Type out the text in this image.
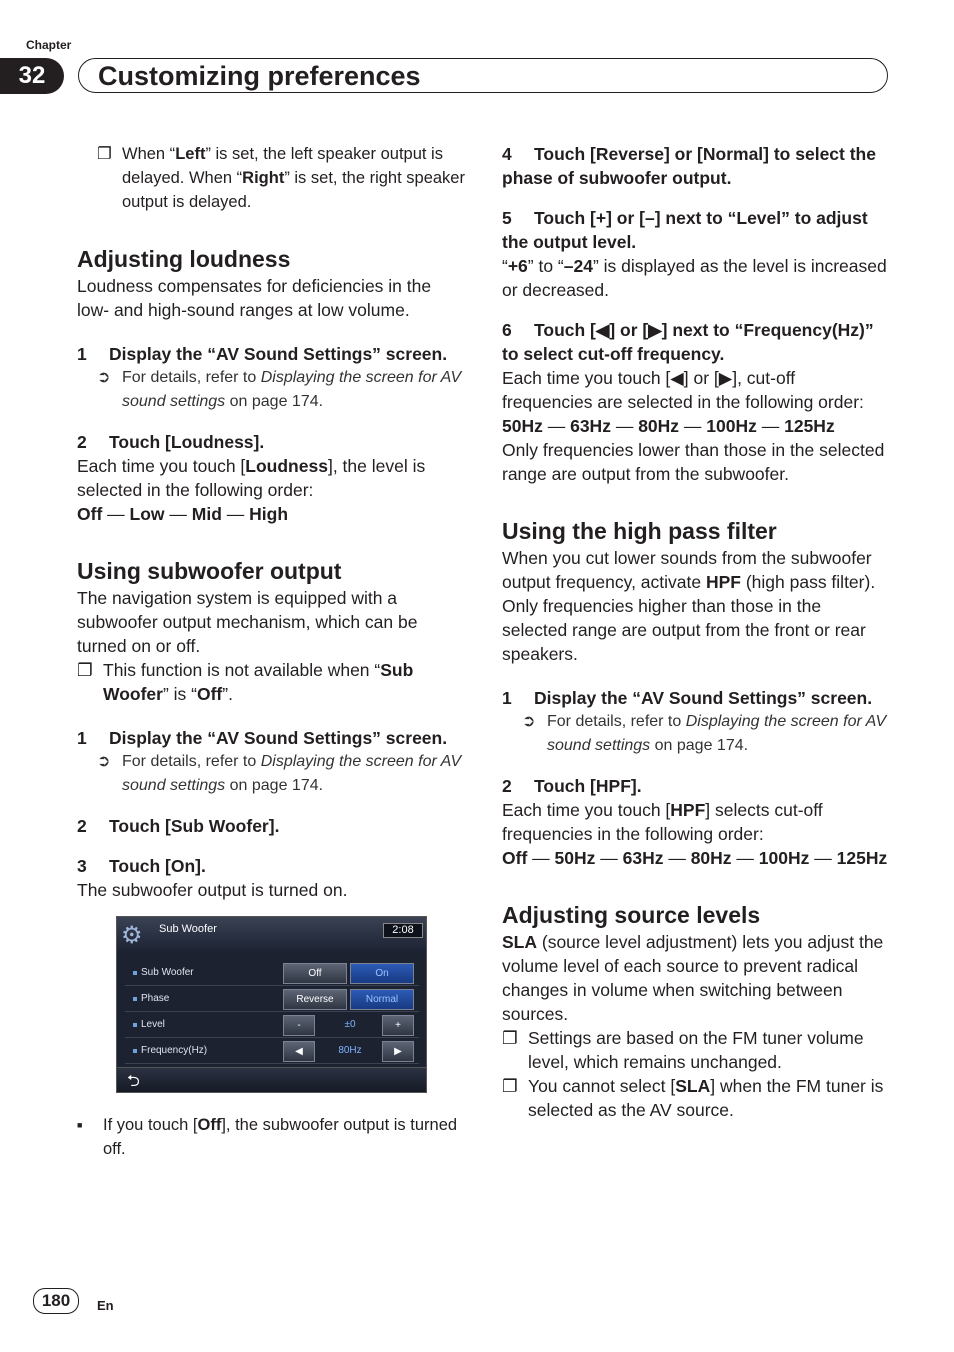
Chapter
32	Customizing preferences

❐ When “Left” is set, the left speaker output is delayed. When “Right” is set, the right speaker output is delayed.

Adjusting loudness

Loudness compensates for deficiencies in the low- and high-sound ranges at low volume.

1 Display the “AV Sound Settings” screen.

➲ For details, refer to Displaying the screen for AV sound settings on page 174.

2 Touch [Loudness].

Each time you touch [Loudness], the level is selected in the following order:

Off — Low — Mid — High

Using subwoofer output

The navigation system is equipped with a subwoofer output mechanism, which can be turned on or off.

❐ This function is not available when “Sub Woofer” is “Off”.

1 Display the “AV Sound Settings” screen.

➲ For details, refer to Displaying the screen for AV sound settings on page 174.

2 Touch [Sub Woofer].
3 Touch [On].

The subwoofer output is turned on.

⚙	Sub Woofer	2:08
Sub Woofer	Off	On
Phase	Reverse	Normal
Level	-	±0	+
Frequency(Hz)	◀	80Hz	▶
⮌

■ If you touch [Off], the subwoofer output is turned off.

4 Touch [Reverse] or [Normal] to select the phase of subwoofer output.
5 Touch [+] or [–] next to “Level” to adjust the output level.

“+6” to “–24” is displayed as the level is increased or decreased.

6 Touch [◀] or [▶] next to “Frequency(Hz)” to select cut-off frequency.

Each time you touch [◀] or [▶], cut-off frequencies are selected in the following order:

50Hz — 63Hz — 80Hz — 100Hz — 125Hz

Only frequencies lower than those in the selected range are output from the subwoofer.

Using the high pass filter

When you cut lower sounds from the subwoofer output frequency, activate HPF (high pass filter). Only frequencies higher than those in the selected range are output from the front or rear speakers.

1 Display the “AV Sound Settings” screen.

➲ For details, refer to Displaying the screen for AV sound settings on page 174.

2 Touch [HPF].

Each time you touch [HPF] selects cut-off frequencies in the following order:

Off — 50Hz — 63Hz — 80Hz — 100Hz — 125Hz

Adjusting source levels

SLA (source level adjustment) lets you adjust the volume level of each source to prevent radical changes in volume when switching between sources.

❐ Settings are based on the FM tuner volume level, which remains unchanged.

❐ You cannot select [SLA] when the FM tuner is selected as the AV source.

180	En
